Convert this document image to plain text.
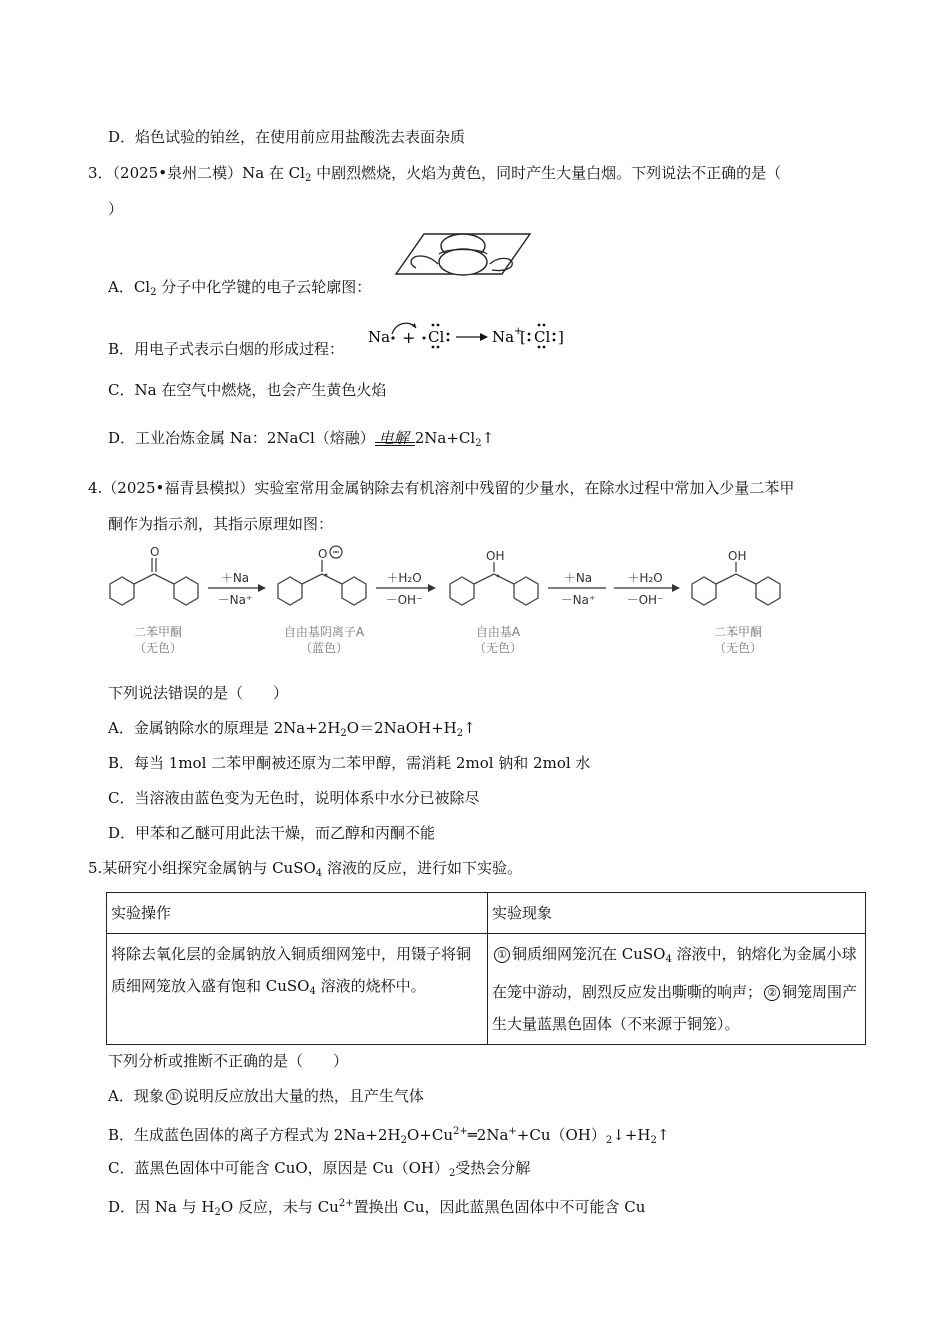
D．焰色试验的铂丝，在使用前应用盐酸洗去表面杂质
3．（2025•泉州二模）Na 在 $Cl_2$ 中剧烈燃烧，火焰为黄色，同时产生大量白烟。下列说法不正确的是（
）
A．$Cl_2$ 分子中化学键的电子云轮廓图：
B．用电子式表示白烟的形成过程：
Na + Cl	Na +
[ Cl ]
C．Na 在空气中燃烧，也会产生黄色火焰
D．工业冶炼金属 Na：2NaCl（熔融） 电解 $2Na+Cl_2↑$
4.（2025•福青县模拟）实验室常用金属钠除去有机溶剂中残留的少量水，在除水过程中常加入少量二苯甲
酮作为指示剂，其指示原理如图：
O	O	OH	OH
＋Na
－Na⁺
＋H₂O
－OH⁻
＋Na
－Na⁺
＋H₂O
－OH⁻
二苯甲酮
（无色）
自由基阴离子A
（蓝色）
自由基A
（无色）
二苯甲酮
（无色）
下列说法错误的是（　　）
A．金属钠除水的原理是 $2Na+2H_2O=2NaOH+H_2↑$
B．每当 1mol 二苯甲酮被还原为二苯甲醇，需消耗 2mol 钠和 2mol 水
C．当溶液由蓝色变为无色时，说明体系中水分已被除尽
D．甲苯和乙醚可用此法干燥，而乙醇和丙酮不能
5.某研究小组探究金属钠与 CuSO$_4$ 溶液的反应，进行如下实验。
实验操作	实验现象
将除去氧化层的金属钠放入铜质细网笼中，用镊子将铜质细网笼放入盛有饱和 CuSO$_4$ 溶液的烧杯中。	① 铜质细网笼沉在 CuSO$_4$ 溶液中，钠熔化为金属小球在笼中游动，剧烈反应发出嘶嘶的响声； ② 铜笼周围产生大量蓝黑色固体（不来源于铜笼）。
下列分析或推断不正确的是（　　）
A．现象 ① 说明反应放出大量的热，且产生气体
B．生成蓝色固体的离子方程式为 $2Na+2H_2O+Cu^{2+}═2Na^++Cu(OH)_2↓+H_2↑$
C．蓝黑色固体中可能含 CuO，原因是 $Cu(OH)_2$受热会分解
D．因 Na 与 $H_2O$ 反应，未与 $Cu^{2+}$置换出 Cu，因此蓝黑色固体中不可能含 Cu
